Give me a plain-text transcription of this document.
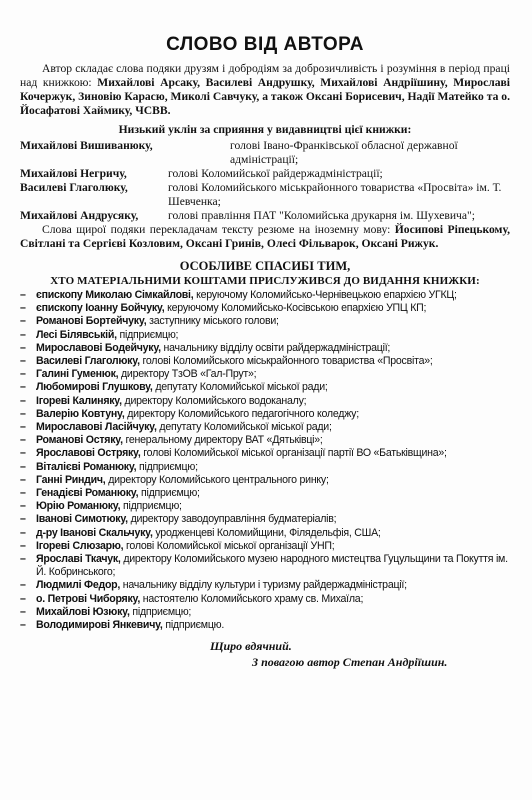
СЛОВО ВІД АВТОРА

Автор складає слова подяки друзям і добродіям за доброзичливість і розуміння в період праці над книжкою: Михайлові Арсаку, Василеві Андрушку, Михайлові Андріїшину, Мирославі Кочержук, Зиновію Карасю, Миколі Савчуку, а також Оксані Борисевич, Надії Матейко та о. Йосафатові Хаймику, ЧСВВ.

Низький уклін за сприяння у видавництві цієї книжки:

Михайлові Вишиванюку,	голові Івано-Франківської обласної державної адміністрації;
Михайлові Негричу,	голові Коломийської райдержадміністрації;
Василеві Глаголюку,	голові Коломийського міськрайонного товариства «Просвіта» ім. Т. Шевченка;
Михайлові Андрусяку,	голові правління ПАТ "Коломийська друкарня ім. Шухевича";

Слова щирої подяки перекладачам тексту резюме на іноземну мову: Йосипові Ріпецькому, Світлані та Сергієві Козловим, Оксані Гринів, Олесі Фільварок, Оксані Рижук.

ОСОБЛИВЕ СПАСИБІ ТИМ,

ХТО МАТЕРІАЛЬНИМИ КОШТАМИ ПРИСЛУЖИВСЯ ДО ВИДАННЯ КНИЖКИ:

– єпископу Миколаю Сімкайлові, керуючому Коломийсько-Чернівецькою епархією УГКЦ;
– єпископу Іоанну Бойчуку, керуючому Коломийсько-Косівською епархією УПЦ КП;
– Романові Бортейчуку, заступнику міського голови;
– Лесі Білявській, підприємцю;
– Мирославові Бодейчуку, начальнику відділу освіти райдержадміністрації;
– Василеві Глаголюку, голові Коломийського міськрайонного товариства «Просвіта»;
– Галині Гуменюк, директору ТзОВ «Гал-Прут»;
– Любомирові Глушкову, депутату Коломийської міської ради;
– Ігореві Калиняку, директору Коломийського водоканалу;
– Валерію Ковтуну, директору Коломийського педагогічного коледжу;
– Мирославові Ласійчуку, депутату Коломийської міської ради;
– Романові Остяку, генеральному директору ВАТ «Дятьківці»;
– Ярославові Остряку, голові Коломийської міської організації партії ВО «Батьківщина»;
– Віталієві Романюку, підприємцю;
– Ганні Риндич, директору Коломийського центрального ринку;
– Генадієві Романюку, підприємцю;
– Юрію Романюку, підприємцю;
– Іванові Симотюку, директору заводоуправління будматеріалів;
– д-ру Іванові Скальчуку, уродженцеві Коломийщини, Філядельфія, США;
– Ігореві Слюзарю, голові Коломийської міської організації УНП;
– Ярославі Ткачук, директору Коломийського музею народного мистецтва Гуцульщини та Покуття ім. Й. Кобринського;
– Людмилі Федор, начальнику відділу культури і туризму райдержадміністрації;
– о. Петрові Чиборяку, настоятелю Коломийського храму св. Михаїла;
– Михайлові Юзюку, підприємцю;
– Володимирові Янкевичу, підприємцю.

Щиро вдячний.

З повагою автор Степан Андріїшин.
